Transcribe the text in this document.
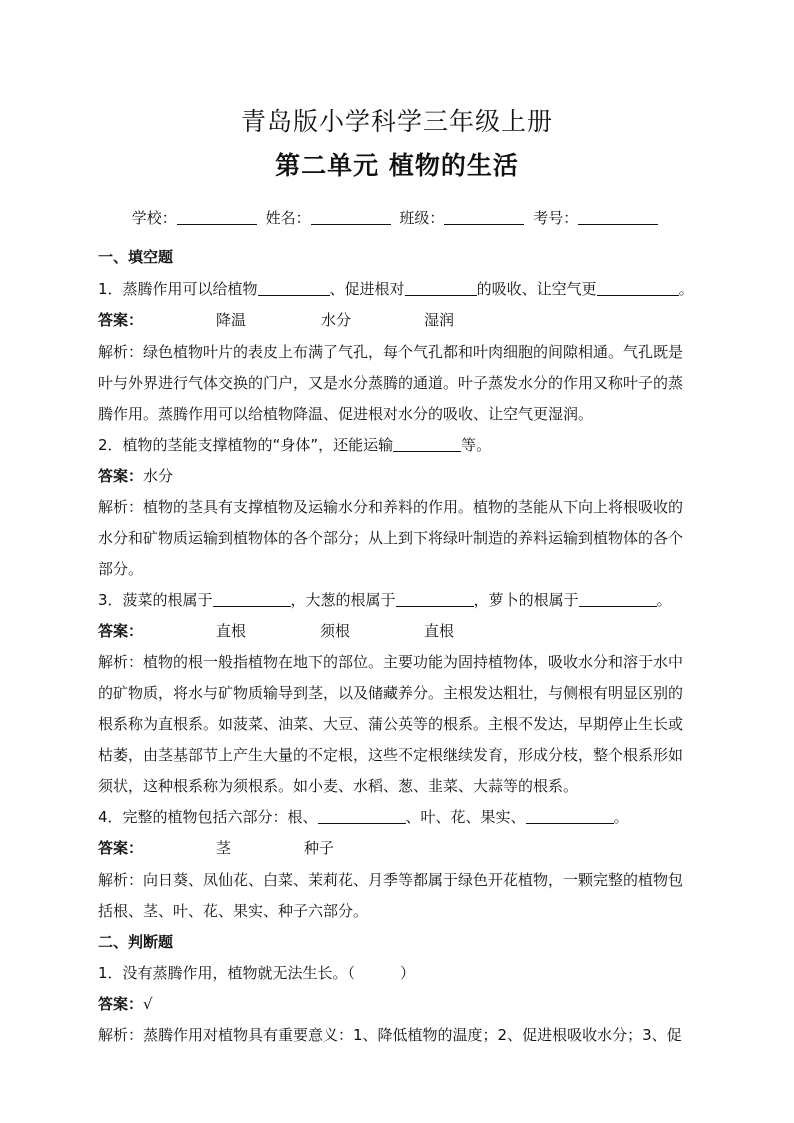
青岛版小学科学三年级上册
第二单元 植物的生活
学校：	姓名：	班级：	考号：
一、填空题
1．蒸腾作用可以给植物	、促进根对	的吸收、让空气更	。
答案：	降温	水分	湿润
解析：绿色植物叶片的表皮上布满了气孔，每个气孔都和叶肉细胞的间隙相通。气孔既是
叶与外界进行气体交换的门户，又是水分蒸腾的通道。叶子蒸发水分的作用又称叶子的蒸
腾作用。蒸腾作用可以给植物降温、促进根对水分的吸收、让空气更湿润。
2．植物的茎能支撑植物的“身体”，还能运输	等。
答案：水分
解析：植物的茎具有支撑植物及运输水分和养料的作用。植物的茎能从下向上将根吸收的
水分和矿物质运输到植物体的各个部分；从上到下将绿叶制造的养料运输到植物体的各个
部分。
3．菠菜的根属于	，大葱的根属于	，萝卜的根属于	。
答案：	直根	须根	直根
解析：植物的根一般指植物在地下的部位。主要功能为固持植物体，吸收水分和溶于水中
的矿物质，将水与矿物质输导到茎，以及储藏养分。主根发达粗壮，与侧根有明显区别的
根系称为直根系。如菠菜、油菜、大豆、蒲公英等的根系。主根不发达，早期停止生长或
枯萎，由茎基部节上产生大量的不定根，这些不定根继续发育，形成分枝，整个根系形如
须状，这种根系称为须根系。如小麦、水稻、葱、韭菜、大蒜等的根系。
4．完整的植物包括六部分：根、	、叶、花、果实、	。
答案：	茎	种子
解析：向日葵、凤仙花、白菜、茉莉花、月季等都属于绿色开花植物，一颗完整的植物包
括根、茎、叶、花、果实、种子六部分。
二、判断题
1．没有蒸腾作用，植物就无法生长。（　　　）
答案：√
解析：蒸腾作用对植物具有重要意义：1、降低植物的温度；2、促进根吸收水分；3、促
